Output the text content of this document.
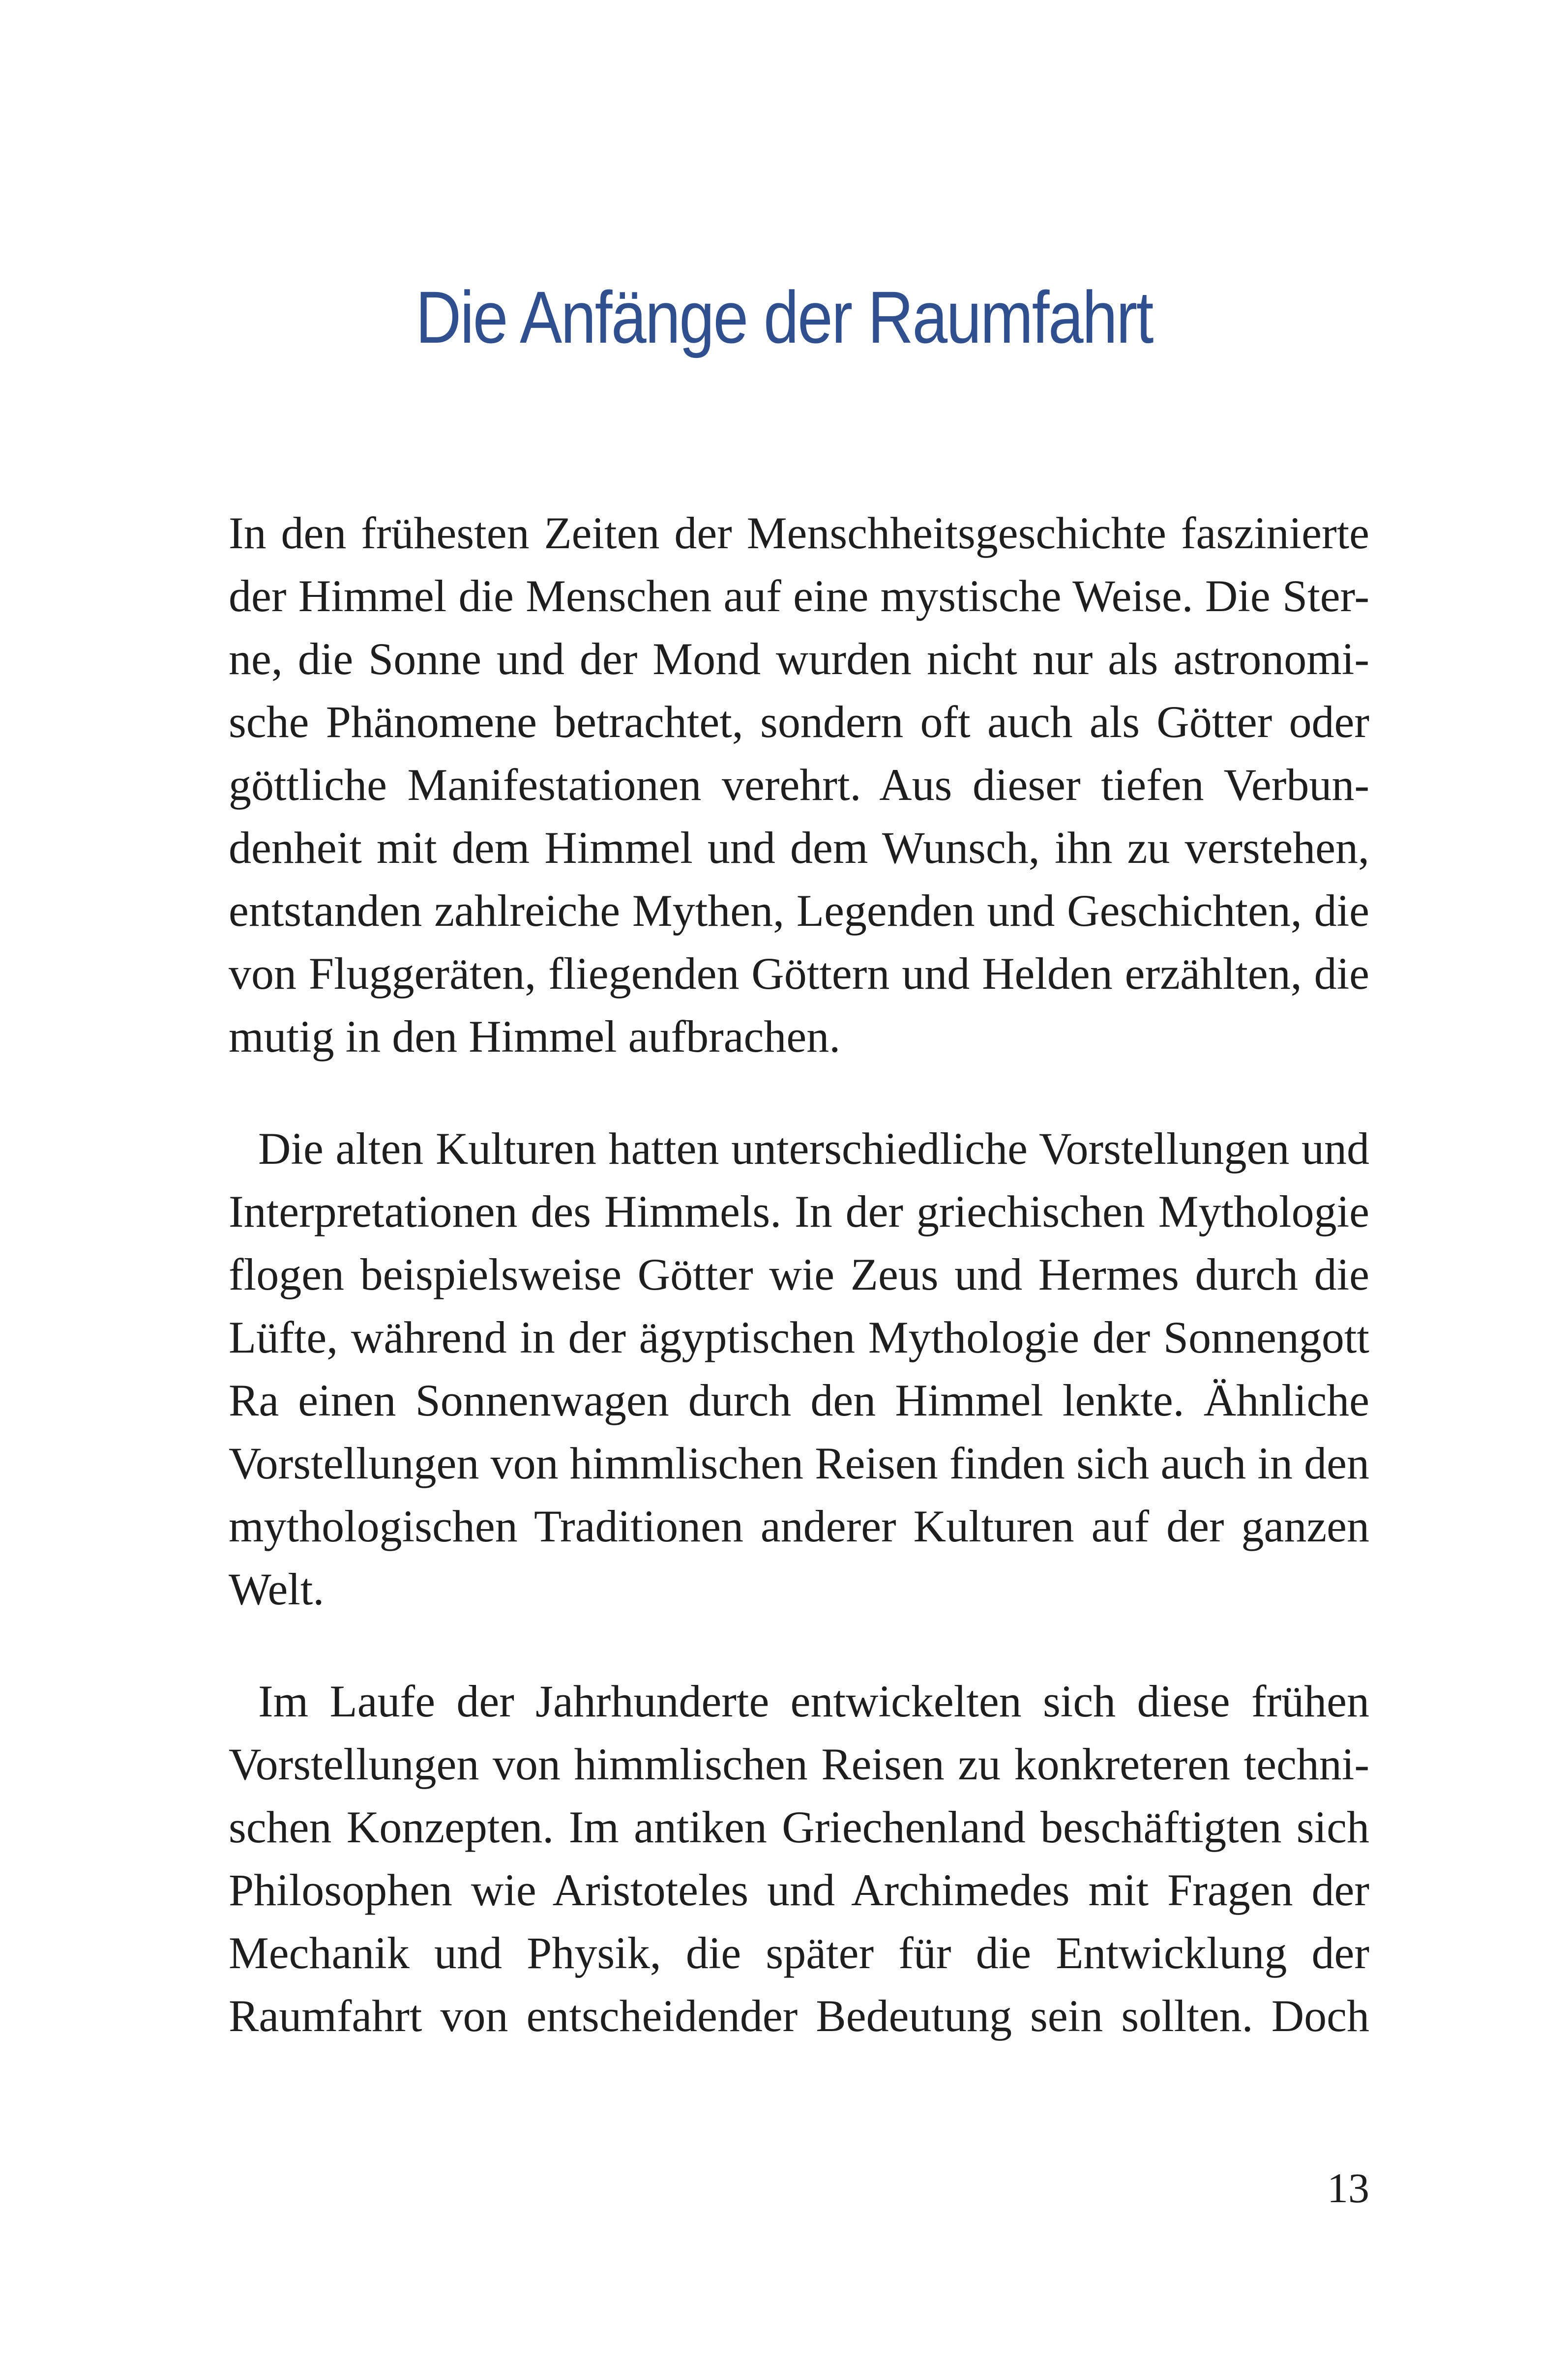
Die Anfänge der Raumfahrt
In den frühesten Zeiten der Menschheitsgeschichte faszinierte
der Himmel die Menschen auf eine mystische Weise. Die Ster-
ne, die Sonne und der Mond wurden nicht nur als astronomi-
sche Phänomene betrachtet, sondern oft auch als Götter oder
göttliche Manifestationen verehrt. Aus dieser tiefen Verbun-
denheit mit dem Himmel und dem Wunsch, ihn zu verstehen,
entstanden zahlreiche Mythen, Legenden und Geschichten, die
von Fluggeräten, fliegenden Göttern und Helden erzählten, die
mutig in den Himmel aufbrachen.
Die alten Kulturen hatten unterschiedliche Vorstellungen und
Interpretationen des Himmels. In der griechischen Mythologie
flogen beispielsweise Götter wie Zeus und Hermes durch die
Lüfte, während in der ägyptischen Mythologie der Sonnengott
Ra einen Sonnenwagen durch den Himmel lenkte. Ähnliche
Vorstellungen von himmlischen Reisen finden sich auch in den
mythologischen Traditionen anderer Kulturen auf der ganzen
Welt.
Im Laufe der Jahrhunderte entwickelten sich diese frühen
Vorstellungen von himmlischen Reisen zu konkreteren techni-
schen Konzepten. Im antiken Griechenland beschäftigten sich
Philosophen wie Aristoteles und Archimedes mit Fragen der
Mechanik und Physik, die später für die Entwicklung der
Raumfahrt von entscheidender Bedeutung sein sollten. Doch
13
